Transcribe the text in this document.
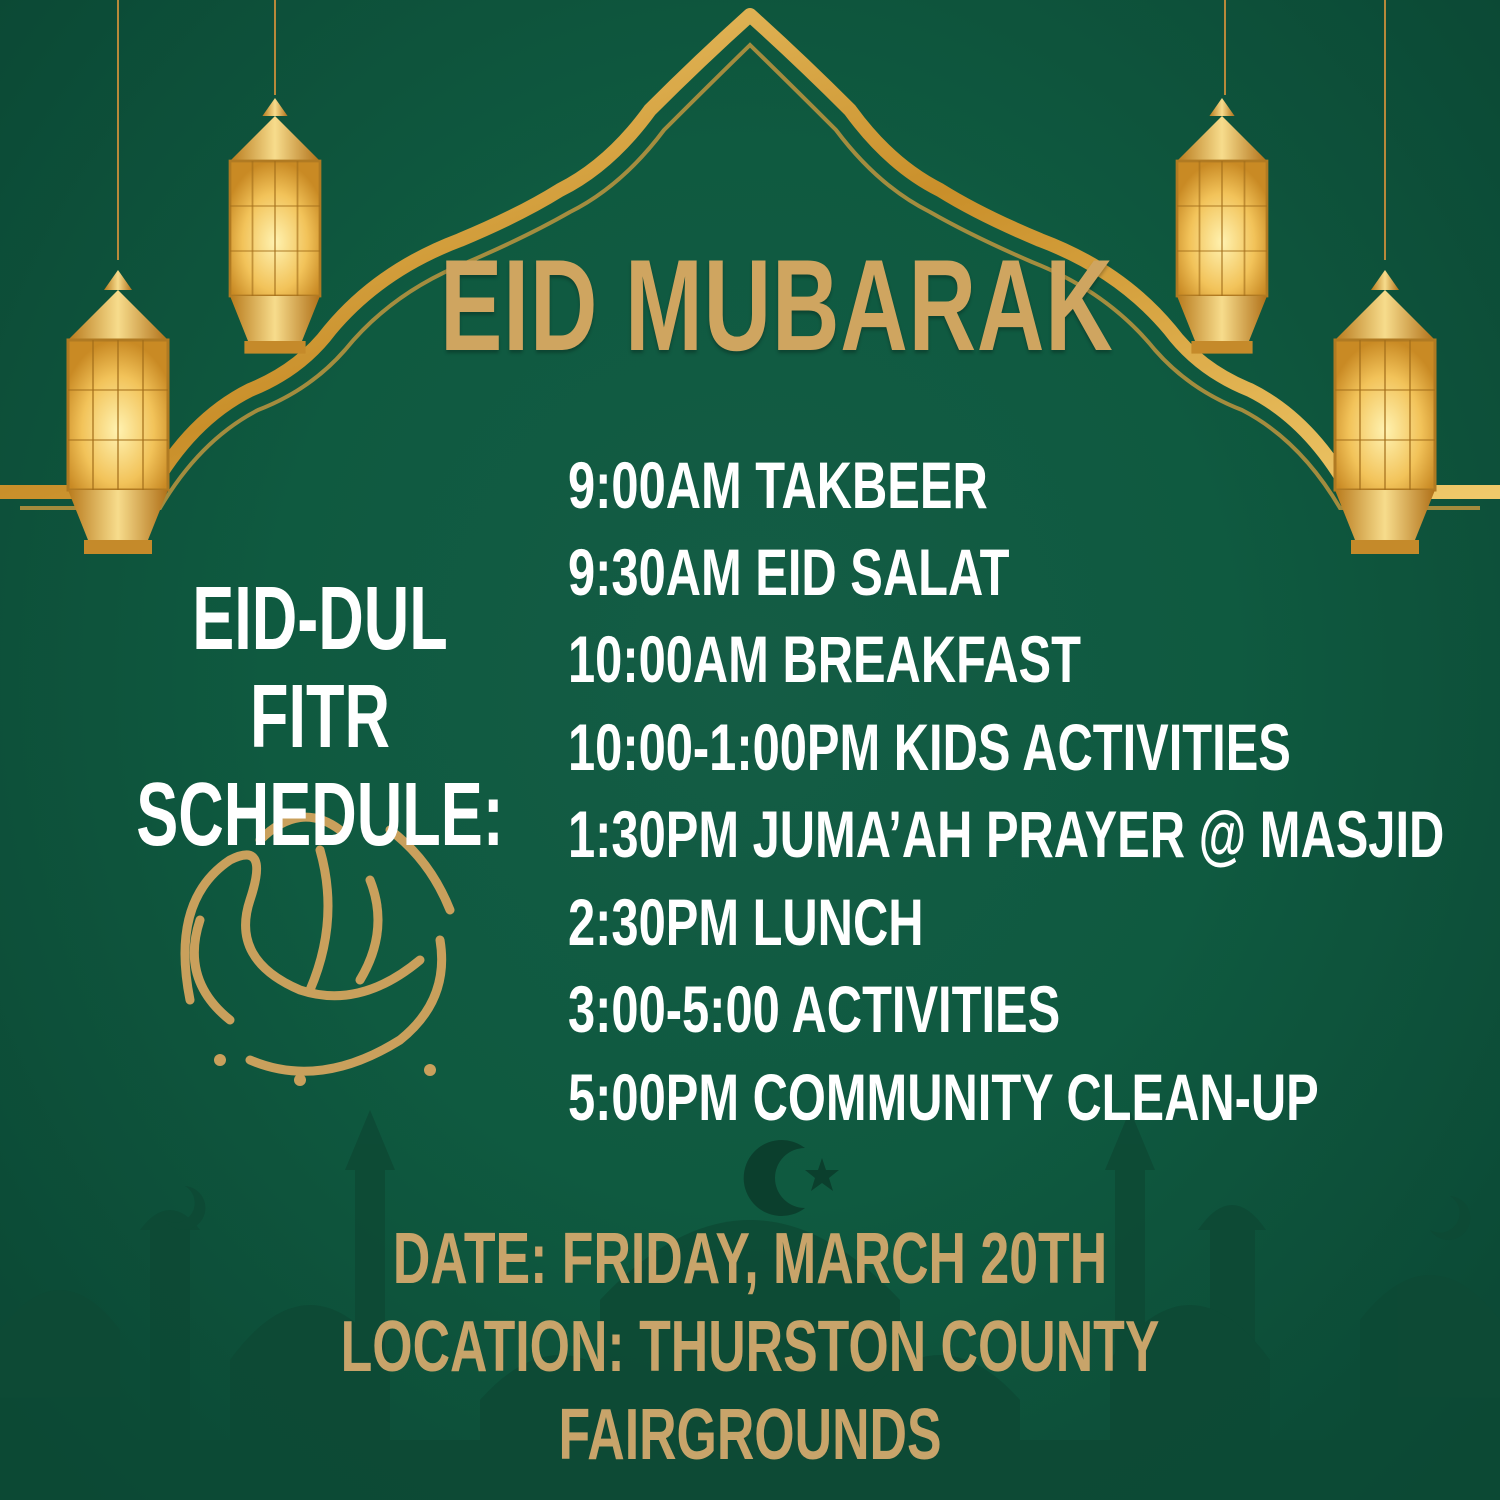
EID MUBARAK
EID-DUL FITR
SCHEDULE:
9:00AM TAKBEER
9:30AM EID SALAT
10:00AM BREAKFAST
10:00-1:00PM KIDS ACTIVITIES
1:30PM JUMA’AH PRAYER @ MASJID
2:30PM LUNCH
3:00-5:00 ACTIVITIES
5:00PM COMMUNITY CLEAN-UP
DATE: FRIDAY, MARCH 20TH
LOCATION: THURSTON COUNTY FAIRGROUNDS
